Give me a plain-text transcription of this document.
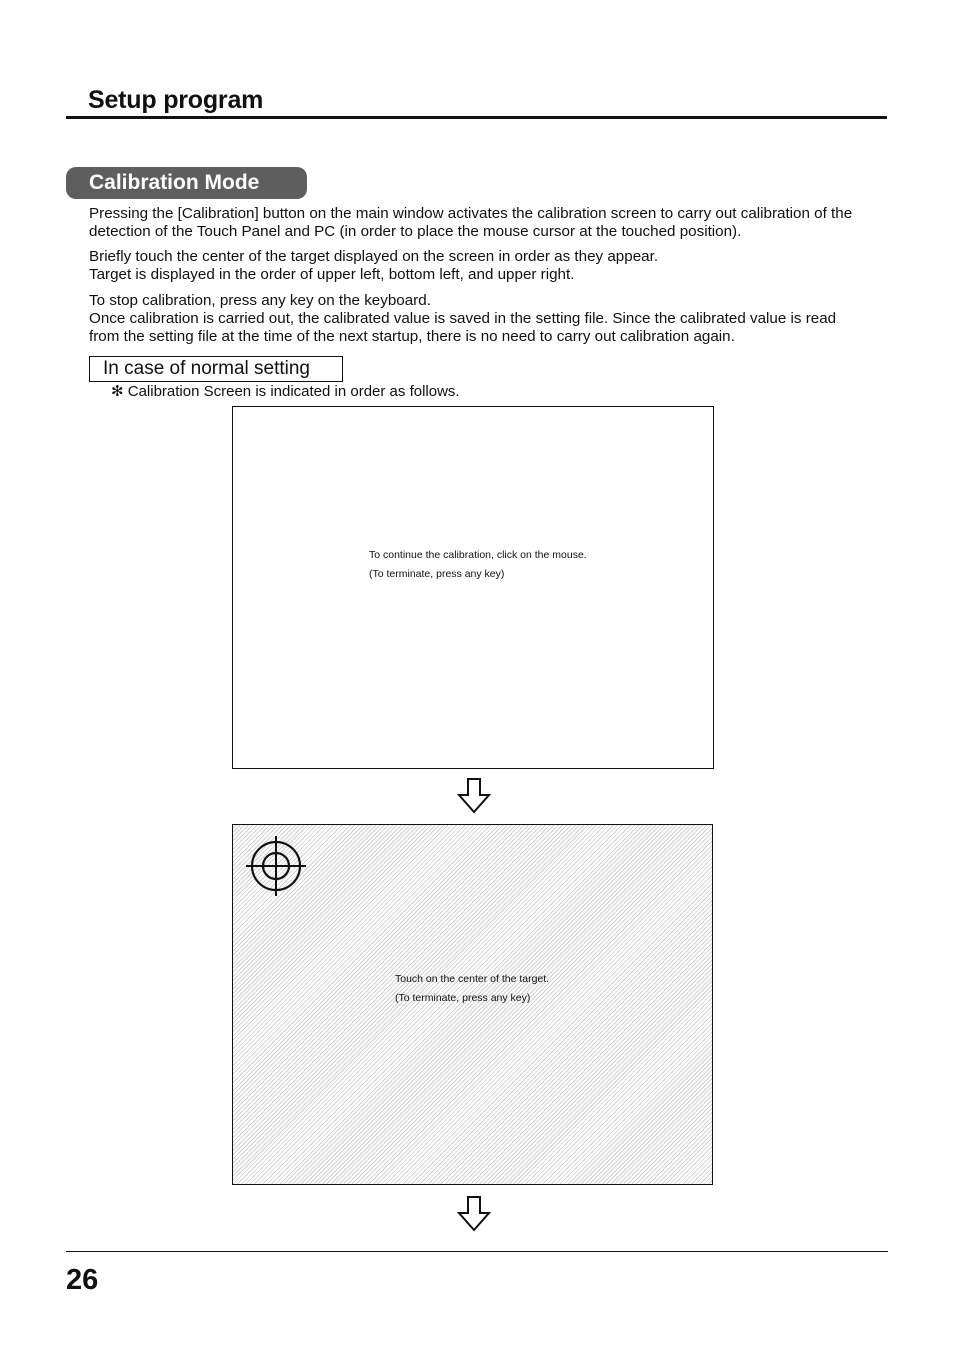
Setup program
Calibration Mode

Pressing the [Calibration] button on the main window activates the calibration screen to carry out calibration of the
detection of the Touch Panel and PC (in order to place the mouse cursor at the touched position).

Briefly touch the center of the target displayed on the screen in order as they appear.
Target is displayed in the order of upper left, bottom left, and upper right.

To stop calibration, press any key on the keyboard.
Once calibration is carried out, the calibrated value is saved in the setting file. Since the calibrated value is read
from the setting file at the time of the next startup, there is no need to carry out calibration again.

In case of normal setting
✻ Calibration Screen is indicated in order as follows.
To continue the calibration, click on the mouse.
(To terminate, press any key)
Touch on the center of the target.
(To terminate, press any key)
26
